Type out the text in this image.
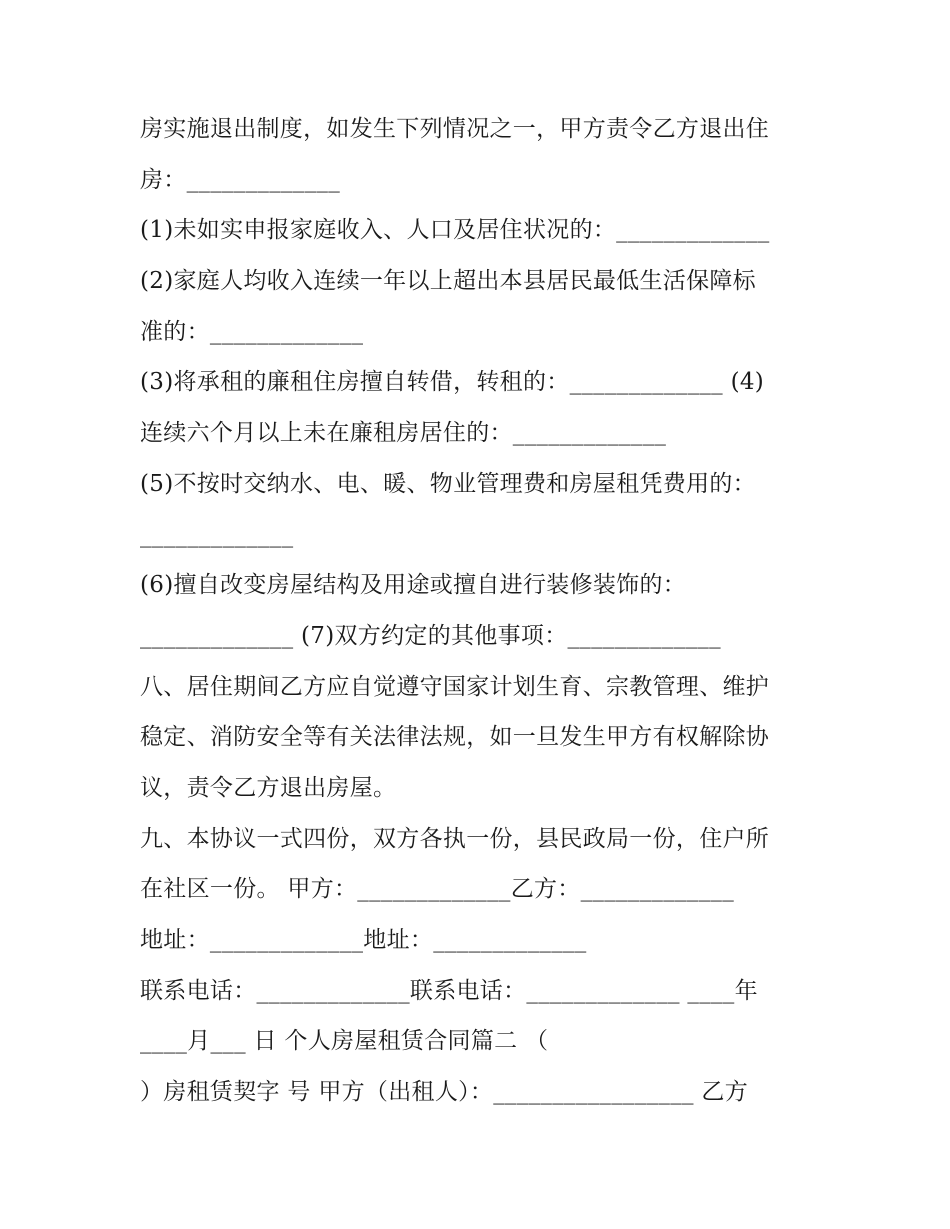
房实施退出制度，如发生下列情况之一，甲方责令乙方退出住
房：_____________
(1)未如实申报家庭收入、人口及居住状况的：_____________
(2)家庭人均收入连续一年以上超出本县居民最低生活保障标
准的：_____________
(3)将承租的廉租住房擅自转借，转租的：_____________ (4)
连续六个月以上未在廉租房居住的：_____________
(5)不按时交纳水、电、暖、物业管理费和房屋租凭费用的：
_____________
(6)擅自改变房屋结构及用途或擅自进行装修装饰的：
_____________ (7)双方约定的其他事项：_____________
八、居住期间乙方应自觉遵守国家计划生育、宗教管理、维护
稳定、消防安全等有关法律法规，如一旦发生甲方有权解除协
议，责令乙方退出房屋。
九、本协议一式四份，双方各执一份，县民政局一份，住户所
在社区一份。 甲方：_____________乙方：_____________
地址：_____________地址：_____________
联系电话：_____________联系电话：_____________ ____年
____月___ 日 个人房屋租赁合同篇二 （
）房租赁契字 号 甲方（出租人）：_________________ 乙方
